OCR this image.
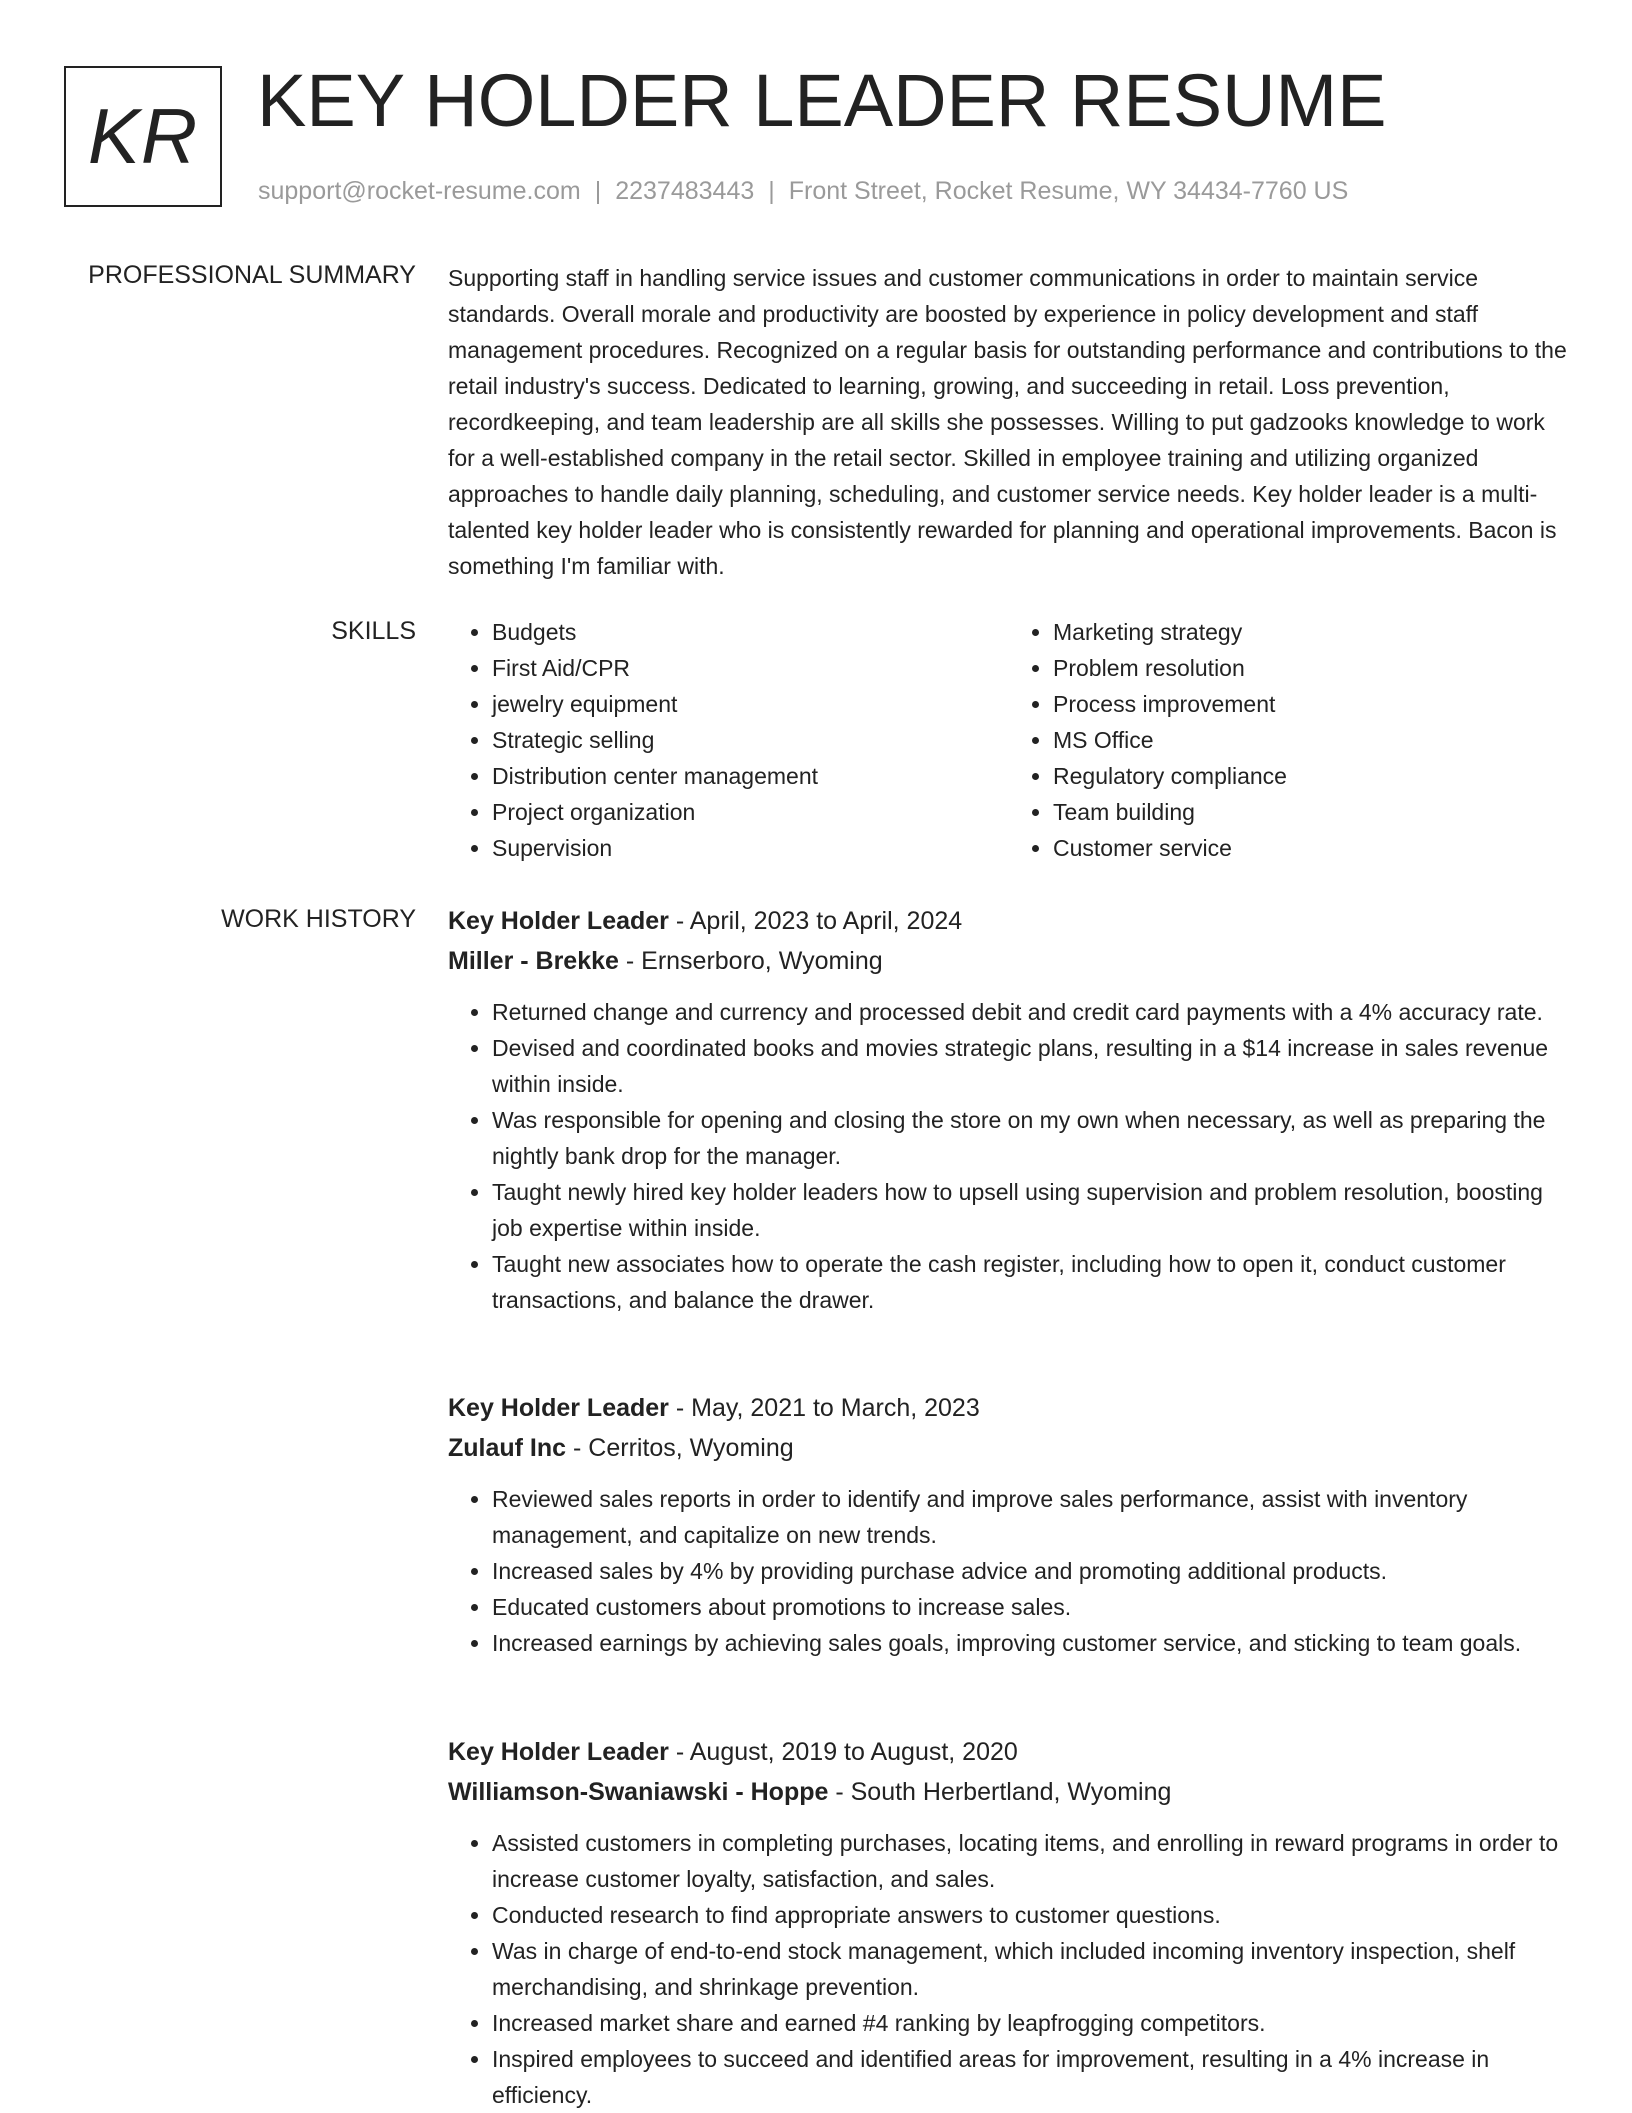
KR KEY HOLDER LEADER RESUME
support@rocket-resume.com | 2237483443 | Front Street, Rocket Resume, WY 34434-7760 US
PROFESSIONAL SUMMARY Supporting staff in handling service issues and customer communications in order to maintain service standards. Overall morale and productivity are boosted by experience in policy development and staff management procedures. Recognized on a regular basis for outstanding performance and contributions to the retail industry's success. Dedicated to learning, growing, and succeeding in retail. Loss prevention, recordkeeping, and team leadership are all skills she possesses. Willing to put gadzooks knowledge to work for a well-established company in the retail sector. Skilled in employee training and utilizing organized approaches to handle daily planning, scheduling, and customer service needs. Key holder leader is a multi-talented key holder leader who is consistently rewarded for planning and operational improvements. Bacon is something I'm familiar with.

SKILLS
•	Budgets
• First Aid/CPR
• jewelry equipment
• Strategic selling
• Distribution center management
• Project organization
• Supervision
• Marketing strategy
• Problem resolution
• Process improvement
• MS Office
• Regulatory compliance
• Team building
• Customer service
WORK HISTORY Key Holder Leader - April, 2023 to April, 2024
Miller - Brekke - Ernserboro, Wyoming
• Returned change and currency and processed debit and credit card payments with a 4% accuracy rate.
• Devised and coordinated books and movies strategic plans, resulting in a $14 increase in sales revenue within inside.
• Was responsible for opening and closing the store on my own when necessary, as well as preparing the nightly bank drop for the manager.
• Taught newly hired key holder leaders how to upsell using supervision and problem resolution, boosting job expertise within inside.
• Taught new associates how to operate the cash register, including how to open it, conduct customer transactions, and balance the drawer.
Key Holder Leader - May, 2021 to March, 2023
Zulauf Inc - Cerritos, Wyoming
• Reviewed sales reports in order to identify and improve sales performance, assist with inventory management, and capitalize on new trends.
• Increased sales by 4% by providing purchase advice and promoting additional products.
• Educated customers about promotions to increase sales.
• Increased earnings by achieving sales goals, improving customer service, and sticking to team goals.
Key Holder Leader - August, 2019 to August, 2020
Williamson-Swaniawski - Hoppe - South Herbertland, Wyoming
• Assisted customers in completing purchases, locating items, and enrolling in reward programs in order to increase customer loyalty, satisfaction, and sales.
• Conducted research to find appropriate answers to customer questions.
• Was in charge of end-to-end stock management, which included incoming inventory inspection, shelf merchandising, and shrinkage prevention.
• Increased market share and earned #4 ranking by leapfrogging competitors.
• Inspired employees to succeed and identified areas for improvement, resulting in a 4% increase in efficiency.
